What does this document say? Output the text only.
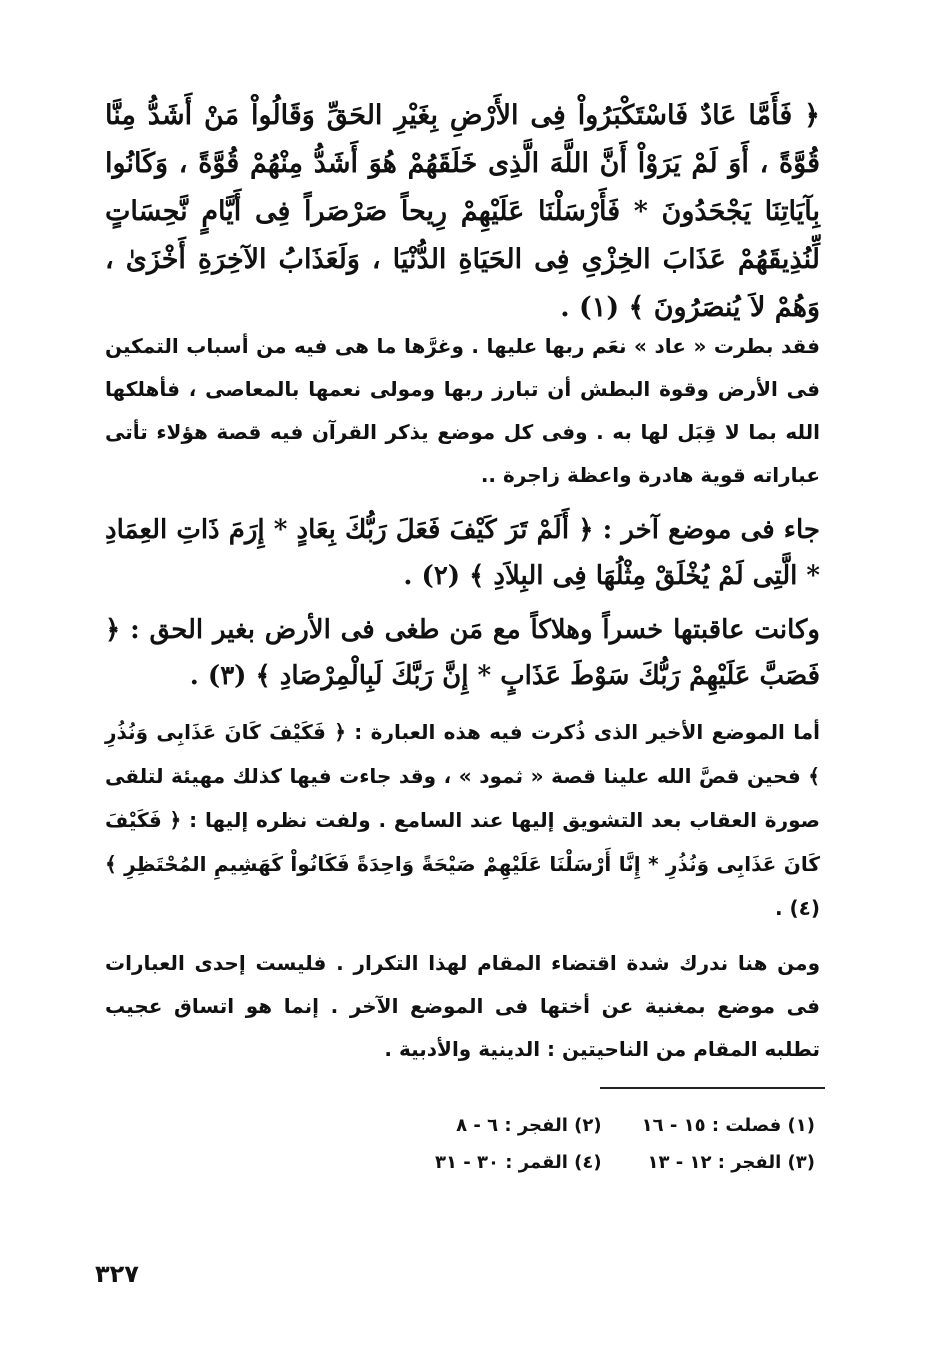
﴿ فَأَمَّا عَادٌ فَاسْتَكْبَرُواْ فِى الأَرْضِ بِغَيْرِ الحَقِّ وَقَالُواْ مَنْ أَشَدُّ مِنَّا قُوَّةً ، أَوَ لَمْ يَرَوْاْ أَنَّ اللَّهَ الَّذِى خَلَقَهُمْ هُوَ أَشَدُّ مِنْهُمْ قُوَّةً ، وَكَانُوا بِآيَاتِنَا يَجْحَدُونَ * فَأَرْسَلْنَا عَلَيْهِمْ رِيحاً صَرْصَراً فِى أَيَّامٍ نَّحِسَاتٍ لِّنُذِيقَهُمْ عَذَابَ الخِزْىِ فِى الحَيَاةِ الدُّنْيَا ، وَلَعَذَابُ الآخِرَةِ أَخْزَىٰ ، وَهُمْ لاَ يُنصَرُونَ ﴾ (١) .

فقد بطرت « عاد » نعَم ربها عليها . وغرَّها ما هى فيه من أسباب التمكين فى الأرض وقوة البطش أن تبارز ربها ومولى نعمها بالمعاصى ، فأهلكها الله بما لا قِبَل لها به . وفى كل موضع يذكر القرآن فيه قصة هؤلاء تأتى عباراته قوية هادرة واعظة زاجرة ..

جاء فى موضع آخر : ﴿ أَلَمْ تَرَ كَيْفَ فَعَلَ رَبُّكَ بِعَادٍ * إِرَمَ ذَاتِ العِمَادِ * الَّتِى لَمْ يُخْلَقْ مِثْلُهَا فِى البِلاَدِ ﴾ (٢) .

وكانت عاقبتها خسراً وهلاكاً مع مَن طغى فى الأرض بغير الحق : ﴿ فَصَبَّ عَلَيْهِمْ رَبُّكَ سَوْطَ عَذَابٍ * إِنَّ رَبَّكَ لَبِالْمِرْصَادِ ﴾ (٣) .

أما الموضع الأخير الذى ذُكرت فيه هذه العبارة : ﴿ فَكَيْفَ كَانَ عَذَابِى وَنُذُرِ ﴾ فحين قصَّ الله علينا قصة « ثمود » ، وقد جاءت فيها كذلك مهيئة لتلقى صورة العقاب بعد التشويق إليها عند السامع . ولفت نظره إليها : ﴿ فَكَيْفَ كَانَ عَذَابِى وَنُذُرِ * إِنَّا أَرْسَلْنَا عَلَيْهِمْ صَيْحَةً وَاحِدَةً فَكَانُواْ كَهَشِيمِ المُحْتَظِرِ ﴾ (٤) .

ومن هنا ندرك شدة اقتضاء المقام لهذا التكرار . فليست إحدى العبارات فى موضع بمغنية عن أختها فى الموضع الآخر . إنما هو اتساق عجيب تطلبه المقام من الناحيتين : الدينية والأدبية .

(١) فصلت : ١٥ - ١٦
(٢) الفجر : ٦ - ٨
(٣) الفجر : ١٢ - ١٣
(٤) القمر : ٣٠ - ٣١
٣٢٧
